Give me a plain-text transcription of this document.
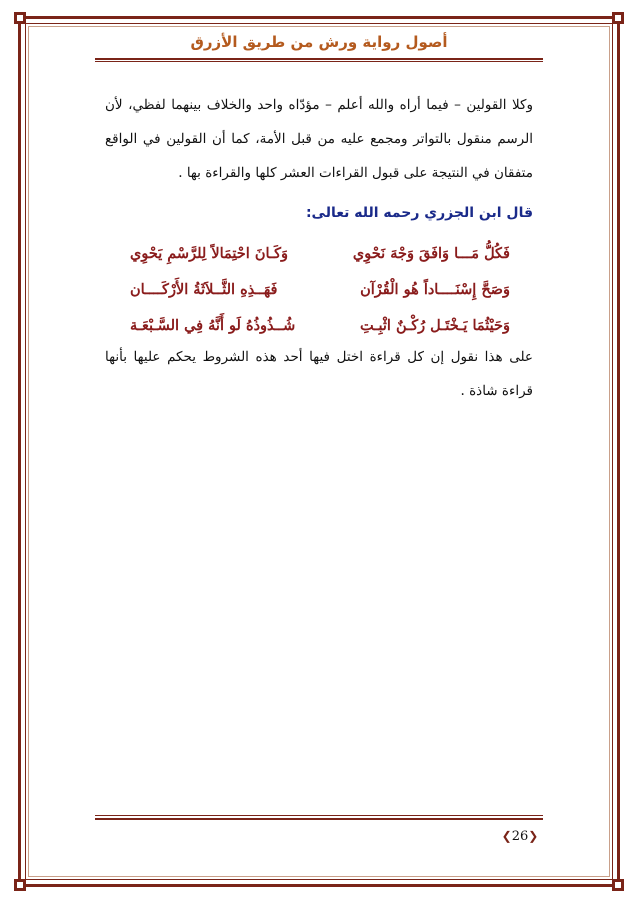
أصول رواية ورش من طريق الأزرق

وكلا القولين – فيما أراه والله أعلم – مؤدّاه واحد والخلاف بينهما لفظي، لأن الرسم منقول بالتواتر ومجمع عليه من قبل الأمة، كما أن القولين في الواقع متفقان في النتيجة على قبول القراءات العشر كلها والقراءة بها .

قال ابن الجزري رحمه الله تعالى:
فَكُلُّ مَـــا وَافَقَ وَجْهَ نَحْوِي
وَكَـانَ احْتِمَالاً لِلرَّسْمِ يَحْوِي
وَصَحَّ إِسْنَــــاداً هُو الْقُرْآن
فَهَــذِهِ الثَّــلاَثَةُ الأَرْكَــــان
وَحَيْثُمَا يَـخْتَـل رُكْـنٌ اثْبِـتِ
شُــذُوذُهُ لَو أَنَّهُ فِي السَّـبْعَـة

على هذا نقول إن كل قراءة اختل فيها أحد هذه الشروط يحكم عليها بأنها قراءة شاذة .

❮ 26 ❯
